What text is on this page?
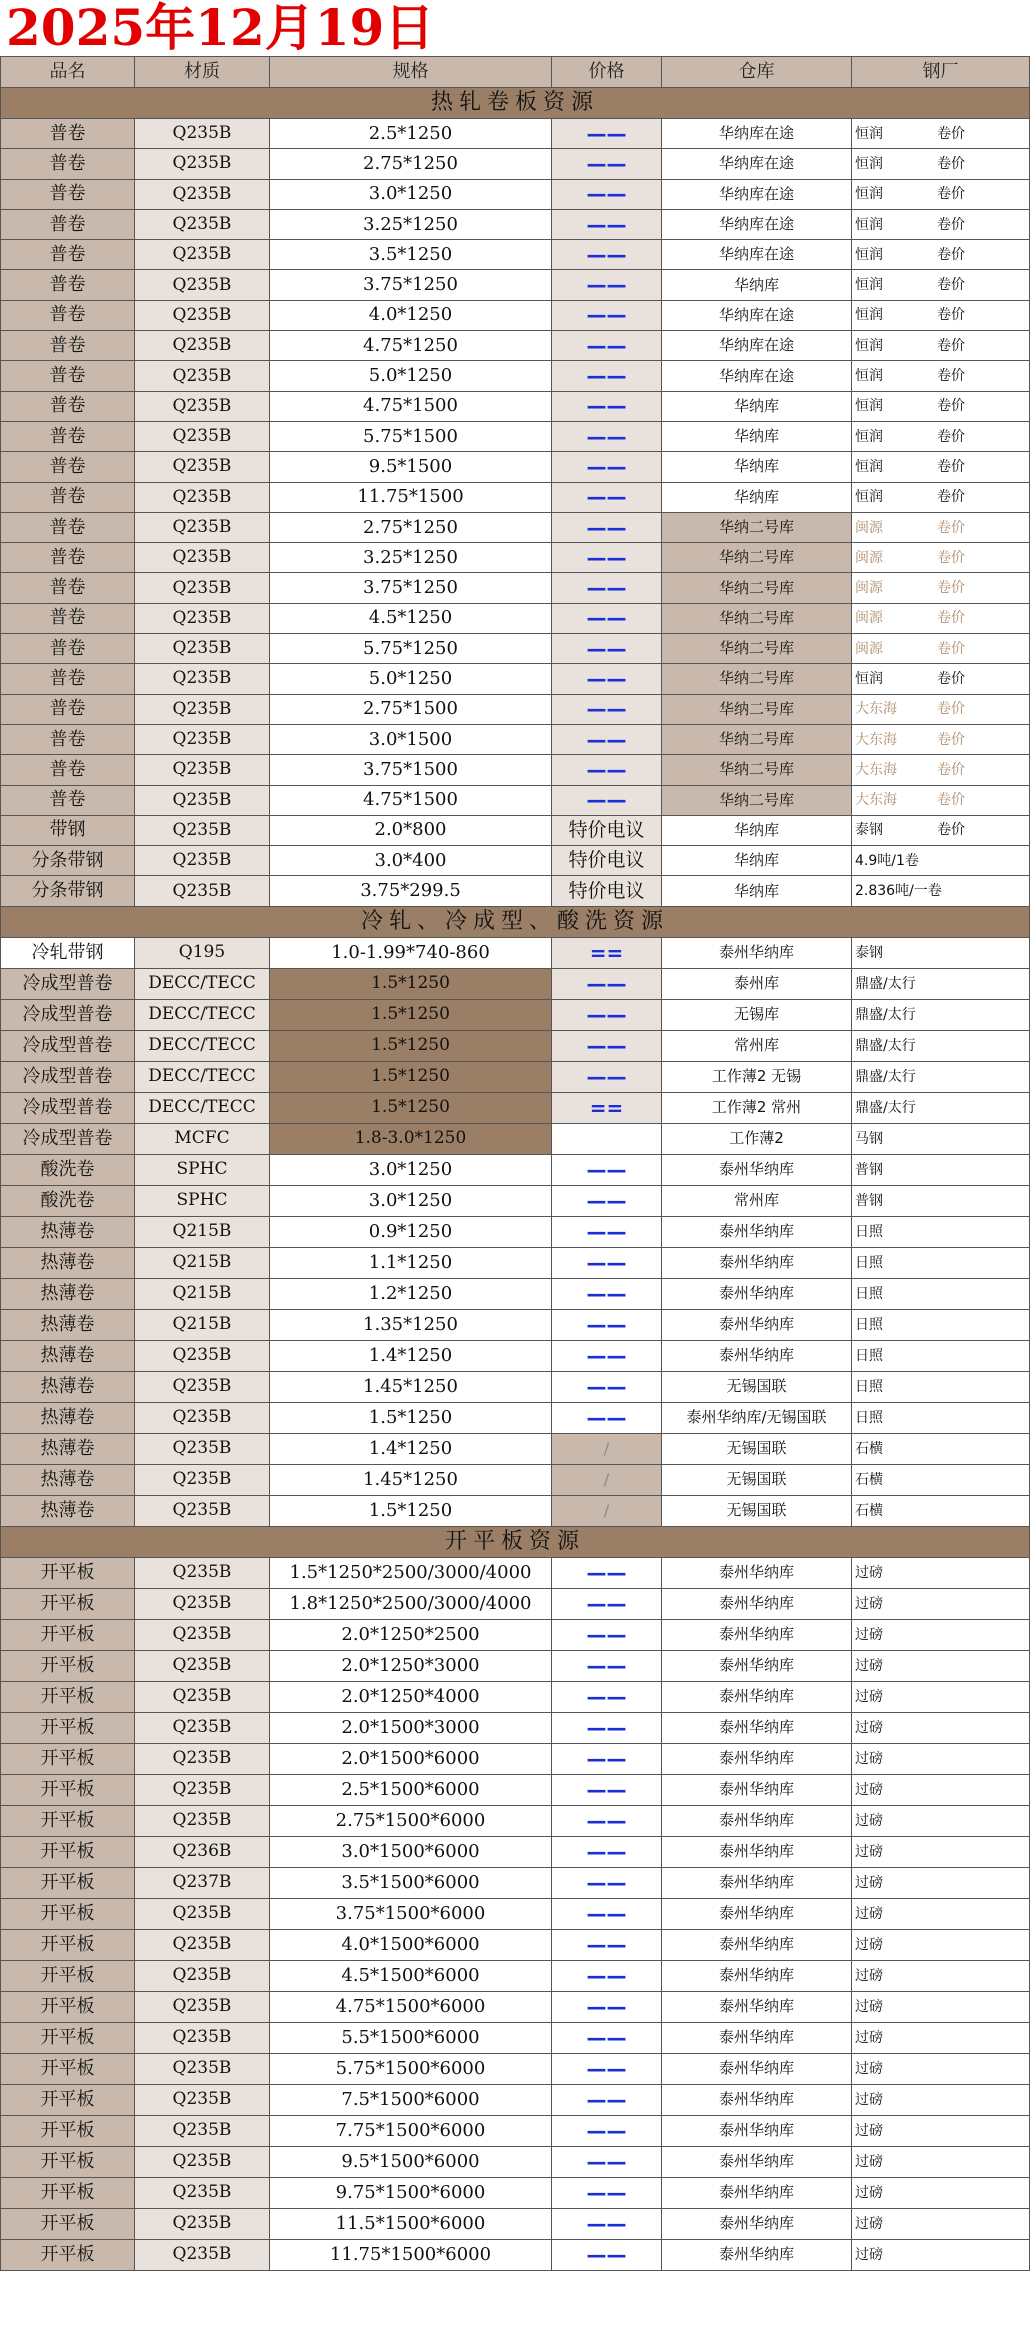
2025年12月19日
品名	材质	规格	价格	仓库	钢厂
热轧卷板资源					
普卷	Q235B	2.5*1250	——	华纳库在途	恒润 卷价
普卷	Q235B	2.75*1250	——	华纳库在途	恒润 卷价
普卷	Q235B	3.0*1250	——	华纳库在途	恒润 卷价
普卷	Q235B	3.25*1250	——	华纳库在途	恒润 卷价
普卷	Q235B	3.5*1250	——	华纳库在途	恒润 卷价
普卷	Q235B	3.75*1250	——	华纳库	恒润 卷价
普卷	Q235B	4.0*1250	——	华纳库在途	恒润 卷价
普卷	Q235B	4.75*1250	——	华纳库在途	恒润 卷价
普卷	Q235B	5.0*1250	——	华纳库在途	恒润 卷价
普卷	Q235B	4.75*1500	——	华纳库	恒润 卷价
普卷	Q235B	5.75*1500	——	华纳库	恒润 卷价
普卷	Q235B	9.5*1500	——	华纳库	恒润 卷价
普卷	Q235B	11.75*1500	——	华纳库	恒润 卷价
普卷	Q235B	2.75*1250	——	华纳二号库	闽源 卷价
普卷	Q235B	3.25*1250	——	华纳二号库	闽源 卷价
普卷	Q235B	3.75*1250	——	华纳二号库	闽源 卷价
普卷	Q235B	4.5*1250	——	华纳二号库	闽源 卷价
普卷	Q235B	5.75*1250	——	华纳二号库	闽源 卷价
普卷	Q235B	5.0*1250	——	华纳二号库	恒润 卷价
普卷	Q235B	2.75*1500	——	华纳二号库	大东海 卷价
普卷	Q235B	3.0*1500	——	华纳二号库	大东海 卷价
普卷	Q235B	3.75*1500	——	华纳二号库	大东海 卷价
普卷	Q235B	4.75*1500	——	华纳二号库	大东海 卷价
带钢	Q235B	2.0*800	特价电议	华纳库	泰钢 卷价
分条带钢	Q235B	3.0*400	特价电议	华纳库	4.9吨/1卷
分条带钢	Q235B	3.75*299.5	特价电议	华纳库	2.836吨/一卷
冷轧、冷成型、酸洗资源					
冷轧带钢	Q195	1.0-1.99*740-860	==	泰州华纳库	泰钢
冷成型普卷	DECC/TECC	1.5*1250	——	泰州库	鼎盛/太行
冷成型普卷	DECC/TECC	1.5*1250	——	无锡库	鼎盛/太行
冷成型普卷	DECC/TECC	1.5*1250	——	常州库	鼎盛/太行
冷成型普卷	DECC/TECC	1.5*1250	——	工作薄2 无锡	鼎盛/太行
冷成型普卷	DECC/TECC	1.5*1250	==	工作薄2 常州	鼎盛/太行
冷成型普卷	MCFC	1.8-3.0*1250		工作薄2	马钢
酸洗卷	SPHC	3.0*1250	——	泰州华纳库	普钢
酸洗卷	SPHC	3.0*1250	——	常州库	普钢
热薄卷	Q215B	0.9*1250	——	泰州华纳库	日照
热薄卷	Q215B	1.1*1250	——	泰州华纳库	日照
热薄卷	Q215B	1.2*1250	——	泰州华纳库	日照
热薄卷	Q215B	1.35*1250	——	泰州华纳库	日照
热薄卷	Q235B	1.4*1250	——	泰州华纳库	日照
热薄卷	Q235B	1.45*1250	——	无锡国联	日照
热薄卷	Q235B	1.5*1250	——	泰州华纳库/无锡国联	日照
热薄卷	Q235B	1.4*1250	/	无锡国联	石横
热薄卷	Q235B	1.45*1250	/	无锡国联	石横
热薄卷	Q235B	1.5*1250	/	无锡国联	石横
开平板资源					
开平板	Q235B	1.5*1250*2500/3000/4000	——	泰州华纳库	过磅
开平板	Q235B	1.8*1250*2500/3000/4000	——	泰州华纳库	过磅
开平板	Q235B	2.0*1250*2500	——	泰州华纳库	过磅
开平板	Q235B	2.0*1250*3000	——	泰州华纳库	过磅
开平板	Q235B	2.0*1250*4000	——	泰州华纳库	过磅
开平板	Q235B	2.0*1500*3000	——	泰州华纳库	过磅
开平板	Q235B	2.0*1500*6000	——	泰州华纳库	过磅
开平板	Q235B	2.5*1500*6000	——	泰州华纳库	过磅
开平板	Q235B	2.75*1500*6000	——	泰州华纳库	过磅
开平板	Q236B	3.0*1500*6000	——	泰州华纳库	过磅
开平板	Q237B	3.5*1500*6000	——	泰州华纳库	过磅
开平板	Q235B	3.75*1500*6000	——	泰州华纳库	过磅
开平板	Q235B	4.0*1500*6000	——	泰州华纳库	过磅
开平板	Q235B	4.5*1500*6000	——	泰州华纳库	过磅
开平板	Q235B	4.75*1500*6000	——	泰州华纳库	过磅
开平板	Q235B	5.5*1500*6000	——	泰州华纳库	过磅
开平板	Q235B	5.75*1500*6000	——	泰州华纳库	过磅
开平板	Q235B	7.5*1500*6000	——	泰州华纳库	过磅
开平板	Q235B	7.75*1500*6000	——	泰州华纳库	过磅
开平板	Q235B	9.5*1500*6000	——	泰州华纳库	过磅
开平板	Q235B	9.75*1500*6000	——	泰州华纳库	过磅
开平板	Q235B	11.5*1500*6000	——	泰州华纳库	过磅
开平板	Q235B	11.75*1500*6000	——	泰州华纳库	过磅
